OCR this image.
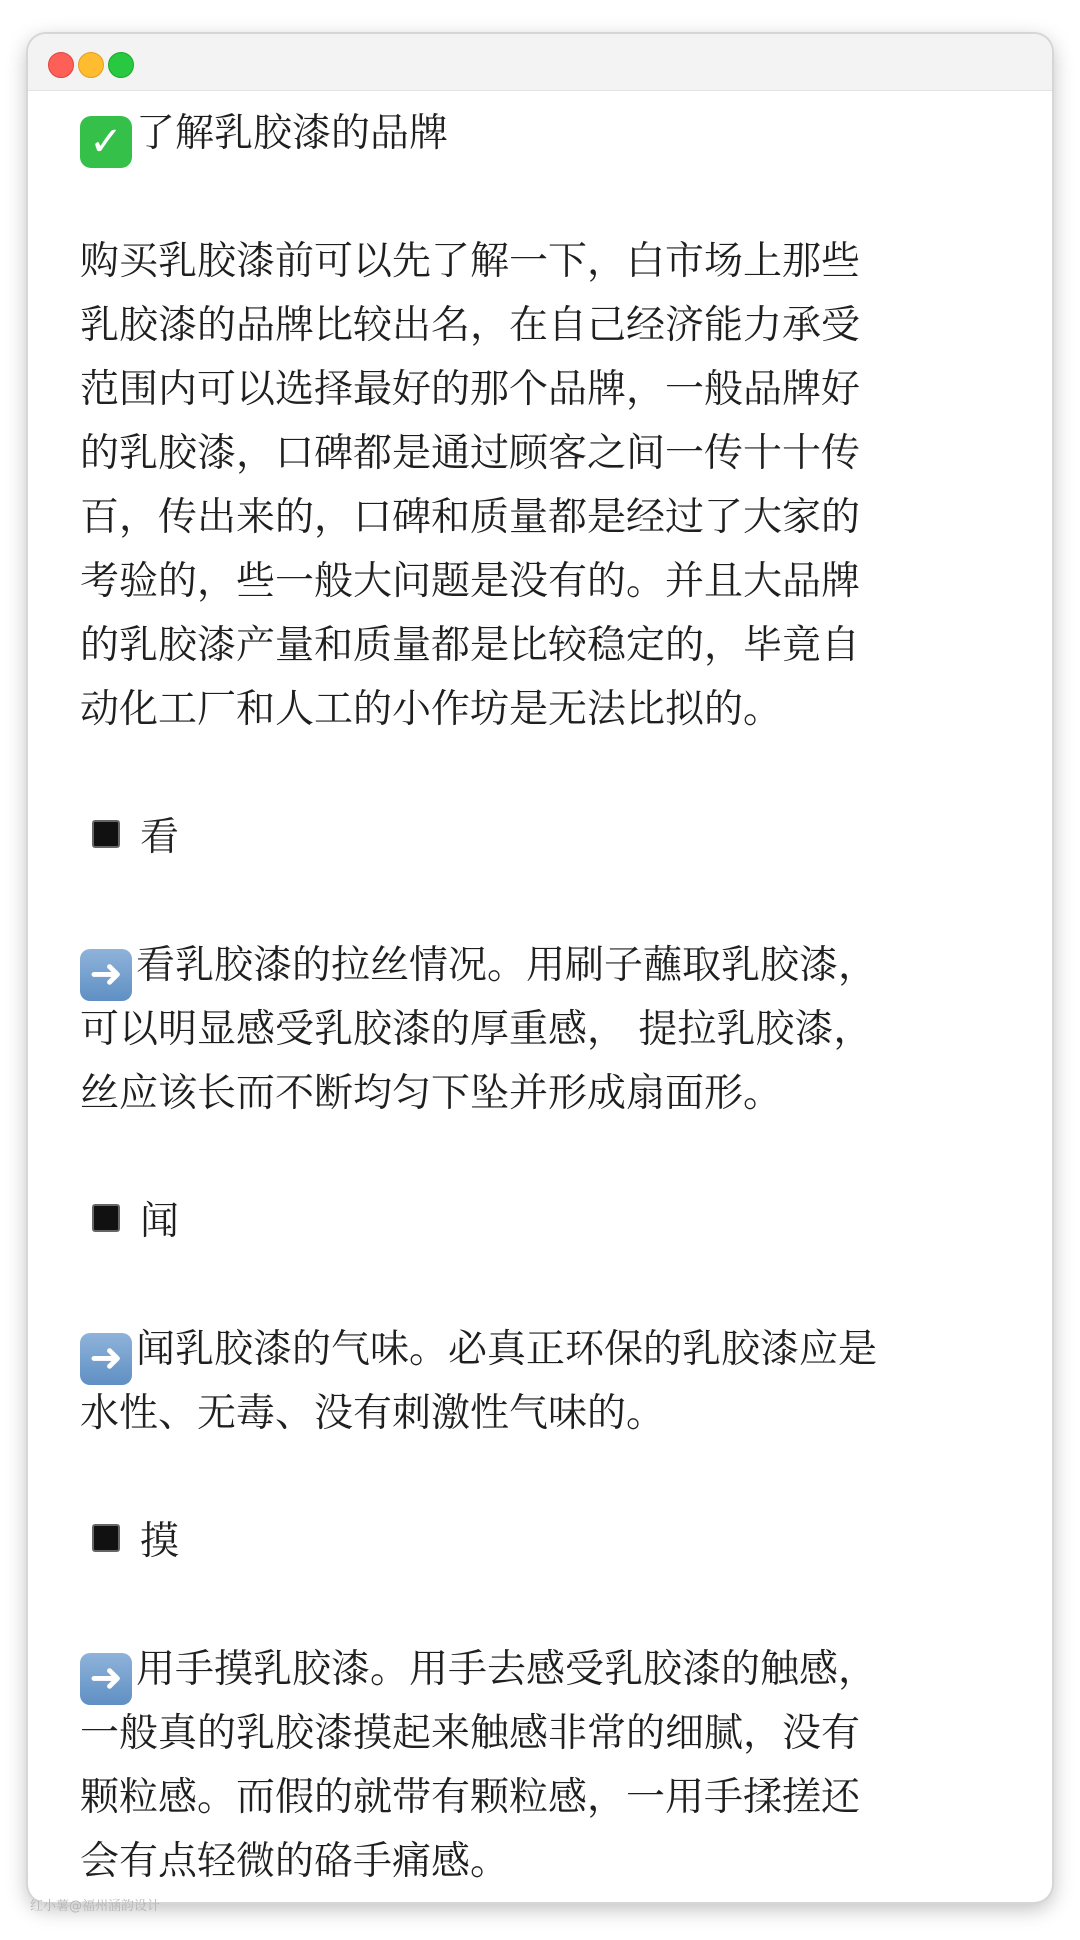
✓ 了解乳胶漆的品牌
购买乳胶漆前可以先了解一下，白市场上那些
乳胶漆的品牌比较出名，在自己经济能力承受
范围内可以选择最好的那个品牌，一般品牌好
的乳胶漆，口碑都是通过顾客之间一传十十传
百，传出来的，口碑和质量都是经过了大家的
考验的，些一般大问题是没有的。并且大品牌
的乳胶漆产量和质量都是比较稳定的，毕竟自
动化工厂和人工的小作坊是无法比拟的。
看
➜ 看乳胶漆的拉丝情况。用刷子蘸取乳胶漆，
可以明显感受乳胶漆的厚重感， 提拉乳胶漆，
丝应该长而不断均匀下坠并形成扇面形。
闻
➜ 闻乳胶漆的气味。必真正环保的乳胶漆应是
水性、无毒、没有刺激性气味的。
摸
➜ 用手摸乳胶漆。用手去感受乳胶漆的触感，
一般真的乳胶漆摸起来触感非常的细腻，没有
颗粒感。而假的就带有颗粒感，一用手揉搓还
会有点轻微的硌手痛感。
红小薯@福州涵韵设计
